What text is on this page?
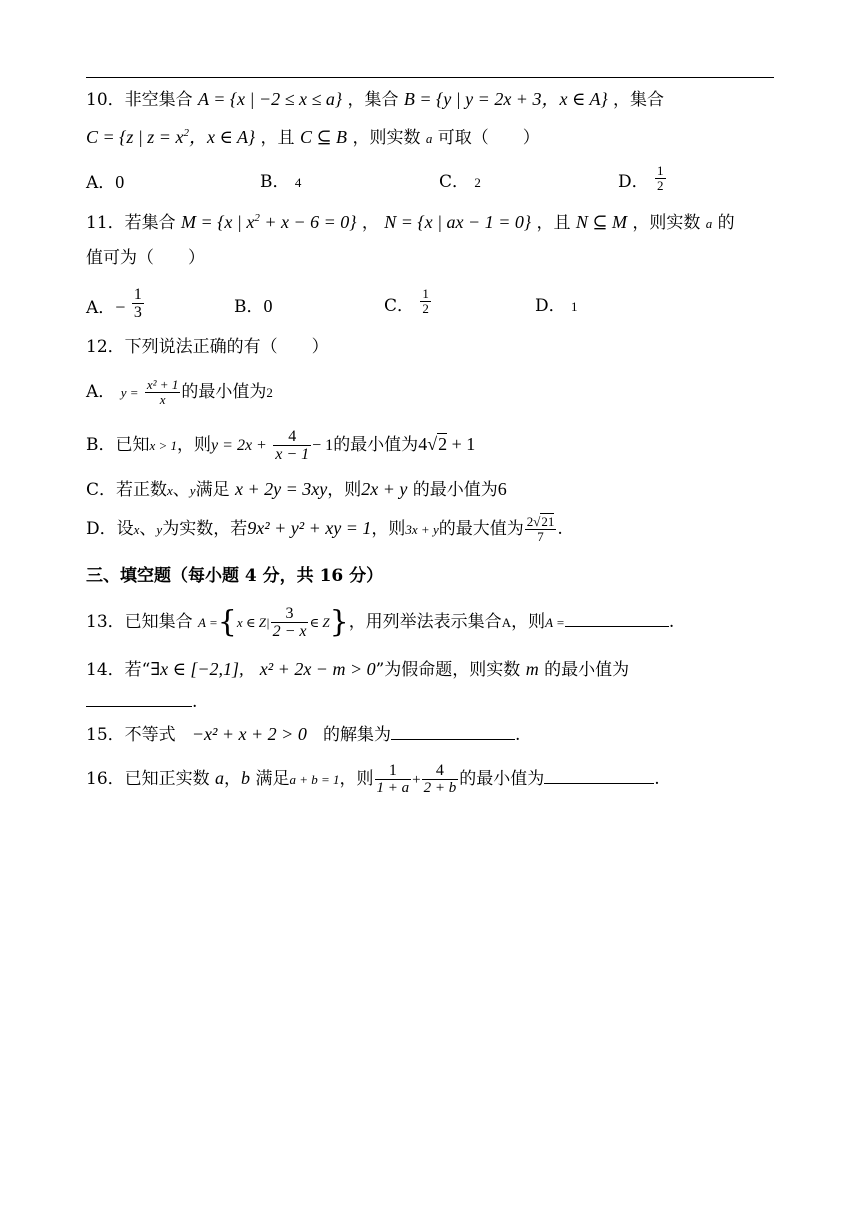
10．非空集合 A = {x | −2 ≤ x ≤ a} ，集合 B = {y | y = 2x + 3，x ∈ A} ，集合
C = {z | $z = x^2$，x ∈ A} ，且 C ⊆ B ，则实数 a 可取（　　）
A．0	B． 4	C． 2	D． $\frac{1}{2}$
11．若集合 M = {x | $x^2 + x - 6 = 0$} ， N = {x | ax − 1 = 0} ，且 N ⊆ M ，则实数 a 的
值可为（　　）
A．− $\frac{1}{3}$	B．0	C． $\frac{1}{2}$	D． 1
12．下列说法正确的有（　　）
A． $y = \frac{\text{x² + 1}}{x}$ 的最小值为2
B．已知x > 1，则$y = 2x + \frac{4}{x - 1} - 1$的最小值为4√2 + 1
C．若正数x、y满足 x + 2y = 3xy，则2x + y 的最小值为6
D．设x、y为实数，若9x² + y² + xy = 1，则3x + y的最大值为 $\frac{2√21}{7}$ .
三、填空题（每小题 4 分，共 16 分）
13．已知集合 A ={x ∈ $Z| \frac{3}{2 - x}$ ∈ Z}，用列举法表示集合A，则A =	.
14．若“∃x ∈ [−2,1], x² + 2x − m > 0”为假命题，则实数 m 的最小值为
.
15．不等式 −x² + x + 2 > 0 的解集为	.
16．已知正实数 a，b 满足a + b = 1，则 $\frac{1}{1 + a} + \frac{4}{2 + b}$ 的最小值为	.
